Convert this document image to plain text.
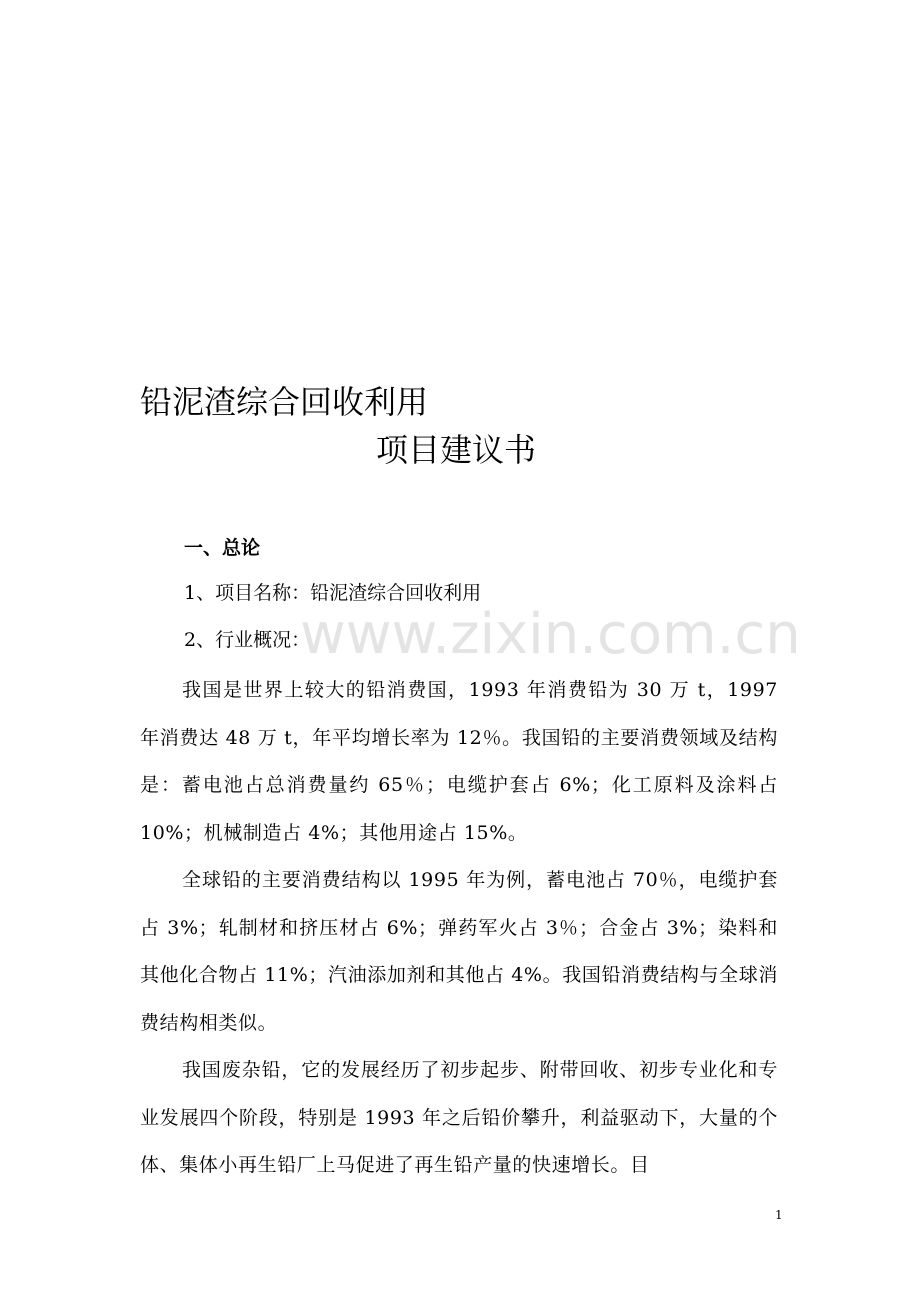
铅泥渣综合回收利用
项目建议书
一、总论
1、项目名称：铅泥渣综合回收利用
2、行业概况：

我国是世界上较大的铅消费国，1993 年消费铅为 30 万 t，1997 年消费达 48 万 t，年平均增长率为 12％。我国铅的主要消费领域及结构是：蓄电池占总消费量约 65％；电缆护套占 6%；化工原料及涂料占 10%；机械制造占 4%；其他用途占 15%。

全球铅的主要消费结构以 1995 年为例，蓄电池占 70％，电缆护套占 3%；轧制材和挤压材占 6%；弹药军火占 3％；合金占 3%；染料和其他化合物占 11%；汽油添加剂和其他占 4%。我国铅消费结构与全球消费结构相类似。

我国废杂铅，它的发展经历了初步起步、附带回收、初步专业化和专业发展四个阶段，特别是 1993 年之后铅价攀升，利益驱动下，大量的个体、集体小再生铅厂上马促进了再生铅产量的快速增长。目

www.zixin.com.cn
1
